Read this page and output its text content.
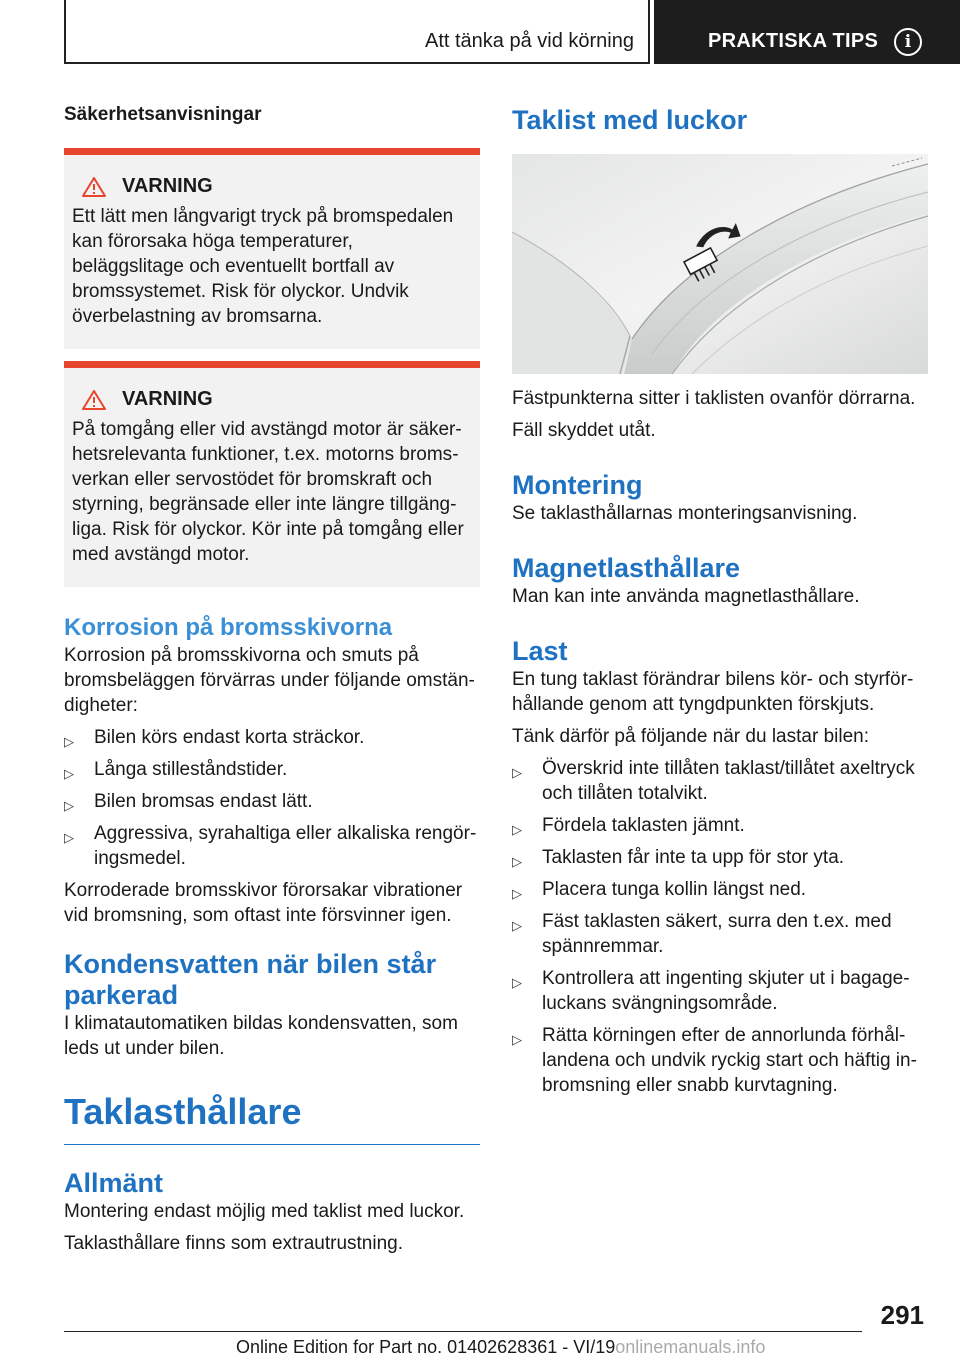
Att tänka på vid körning	PRAKTISKA TIPS	i
Säkerhetsanvisningar
VARNING
Ett lätt men långvarigt tryck på bromspedalen kan förorsaka höga temperaturer, beläggslitage och eventuellt bortfall av bromssystemet. Risk för olyckor. Undvik överbelastning av bromsarna.
VARNING
På tomgång eller vid avstängd motor är säkerhetsrelevanta funktioner, t.ex. motorns bromsverkan eller servostödet för bromskraft och styrning, begränsade eller inte längre tillgängliga. Risk för olyckor. Kör inte på tomgång eller med avstängd motor.
Korrosion på bromsskivorna
Korrosion på bromsskivorna och smuts på bromsbeläggen förvärras under följande omständigheter:
▷ Bilen körs endast korta sträckor.
▷ Långa stilleståndstider.
▷ Bilen bromsas endast lätt.
▷ Aggressiva, syrahaltiga eller alkaliska rengöringsmedel.
Korroderade bromsskivor förorsakar vibrationer vid bromsning, som oftast inte försvinner igen.
Kondensvatten när bilen står parkerad
I klimatautomatiken bildas kondensvatten, som leds ut under bilen.
Taklasthållare
Allmänt
Montering endast möjlig med taklist med luckor.
Taklasthållare finns som extrautrustning.
Taklist med luckor
Fästpunkterna sitter i taklisten ovanför dörrarna.
Fäll skyddet utåt.
Montering
Se taklasthållarnas monteringsanvisning.
Magnetlasthållare
Man kan inte använda magnetlasthållare.
Last
En tung taklast förändrar bilens kör- och styrförhållande genom att tyngdpunkten förskjuts.
Tänk därför på följande när du lastar bilen:
▷ Överskrid inte tillåten taklast/tillåtet axeltryck och tillåten totalvikt.
▷ Fördela taklasten jämnt.
▷ Taklasten får inte ta upp för stor yta.
▷ Placera tunga kollin längst ned.
▷ Fäst taklasten säkert, surra den t.ex. med spännremmar.
▷ Kontrollera att ingenting skjuter ut i bagageluckans svängningsområde.
▷ Rätta körningen efter de annorlunda förhållandena och undvik ryckig start och häftig inbromsning eller snabb kurvtagning.
291
Online Edition for Part no. 01402628361 - VI/19onlinemanuals.info
